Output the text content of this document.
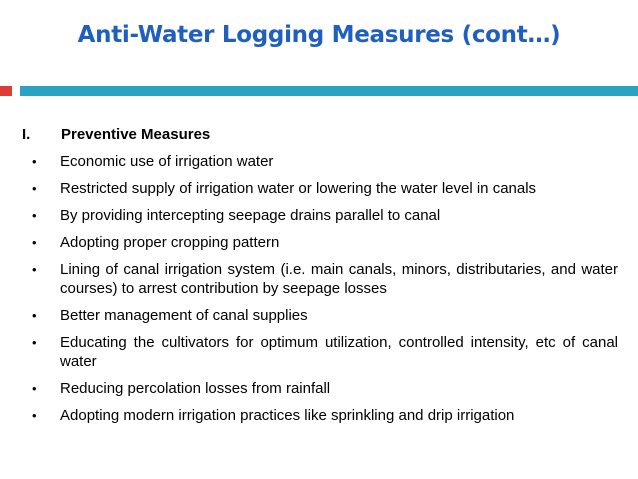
Anti-Water Logging Measures (cont…)
I. Preventive Measures
• Economic use of irrigation water
• Restricted supply of irrigation water or lowering the water level in canals
• By providing intercepting seepage drains parallel to canal
• Adopting proper cropping pattern
• Lining of canal irrigation system (i.e. main canals, minors, distributaries, and water courses) to arrest contribution by seepage losses
• Better management of canal supplies
• Educating the cultivators for optimum utilization, controlled intensity, etc of canal water
• Reducing percolation losses from rainfall
• Adopting modern irrigation practices like sprinkling and drip irrigation
